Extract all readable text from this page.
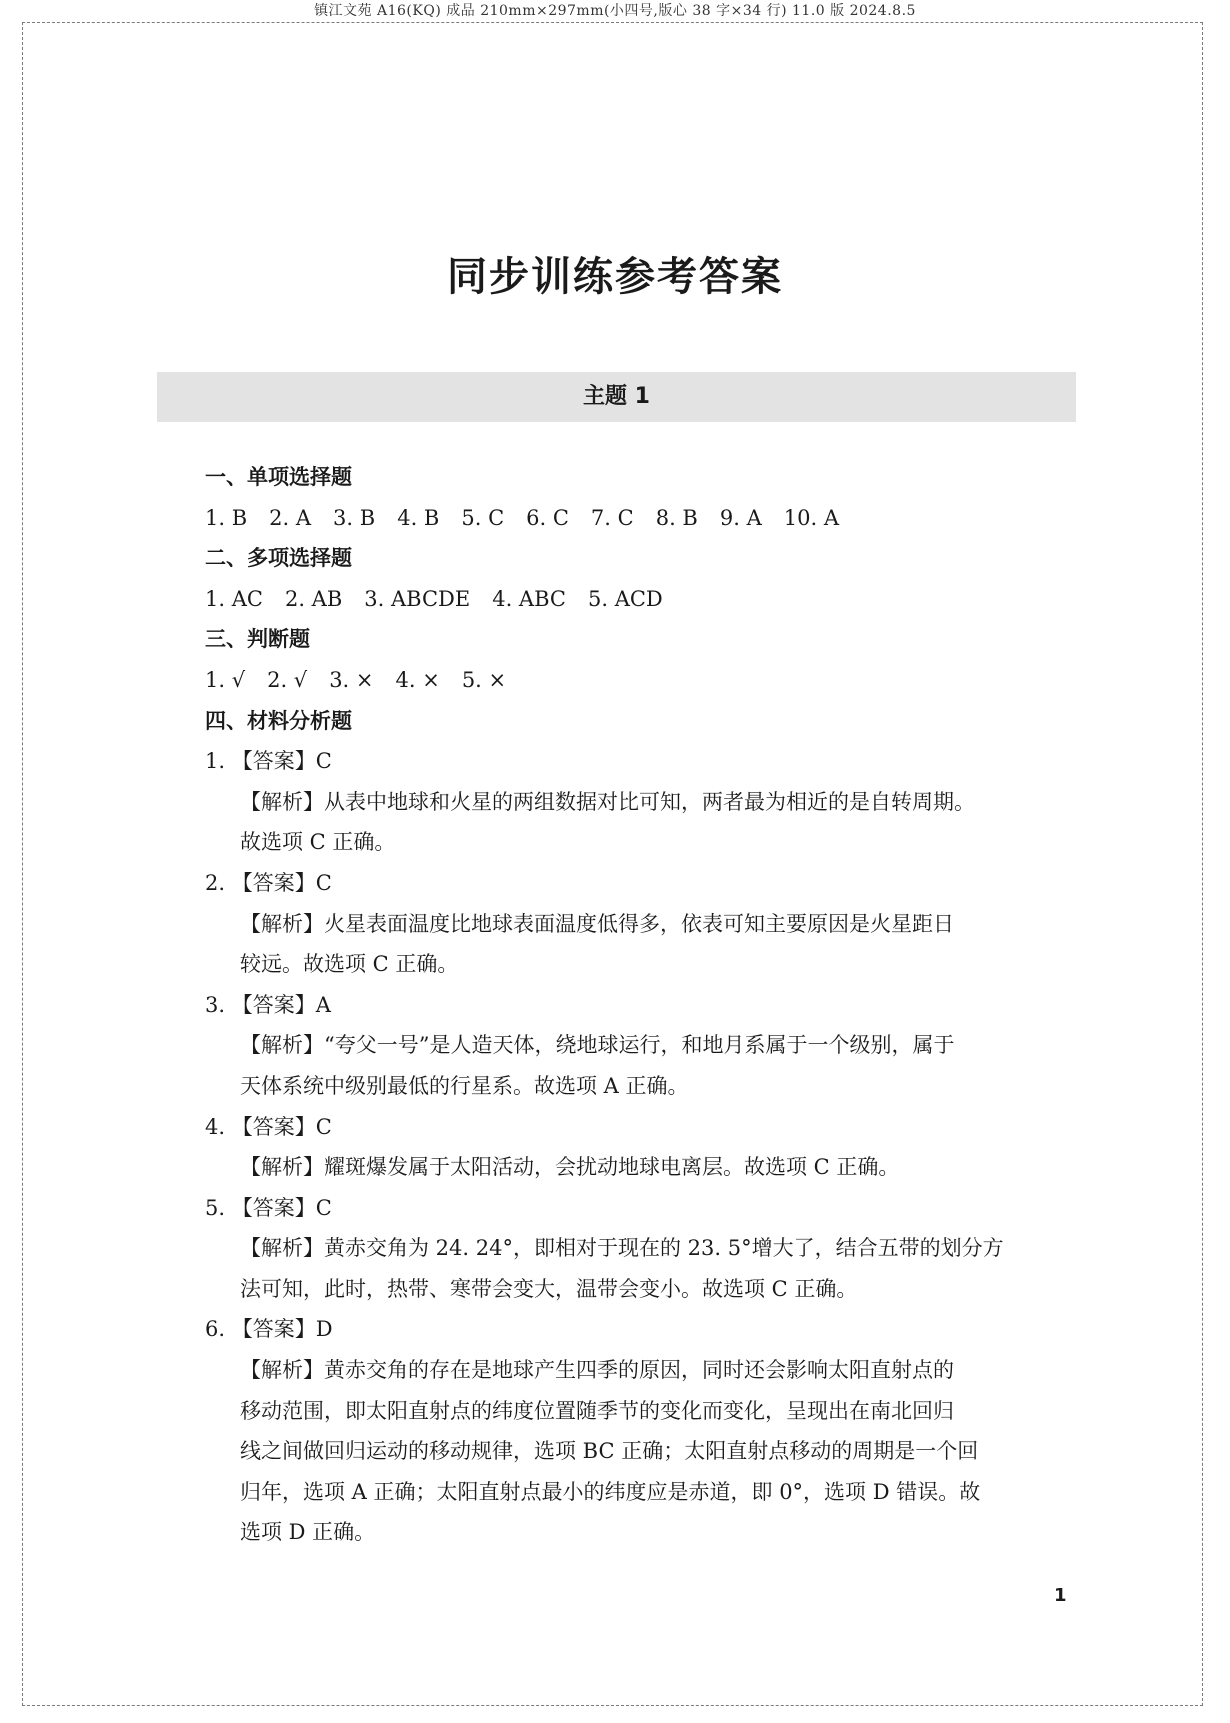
镇江文苑 A16(KQ) 成品 210mm×297mm(小四号,版心 38 字×34 行) 11.0 版 2024.8.5
同步训练参考答案
主题 1
一、单项选择题
1. B 2. A 3. B 4. B 5. C 6. C 7. C 8. B 9. A 10. A
二、多项选择题
1. AC 2. AB 3. ABCDE 4. ABC 5. ACD
三、判断题
1. √ 2. √ 3. × 4. × 5. ×
四、材料分析题
1. 【答案】C
【解析】从表中地球和火星的两组数据对比可知，两者最为相近的是自转周期。
故选项 C 正确。
2. 【答案】C
【解析】火星表面温度比地球表面温度低得多，依表可知主要原因是火星距日
较远。故选项 C 正确。
3. 【答案】A
【解析】“夸父一号”是人造天体，绕地球运行，和地月系属于一个级别，属于
天体系统中级别最低的行星系。故选项 A 正确。
4. 【答案】C
【解析】耀斑爆发属于太阳活动，会扰动地球电离层。故选项 C 正确。
5. 【答案】C
【解析】黄赤交角为 24. 24°，即相对于现在的 23. 5°增大了，结合五带的划分方
法可知，此时，热带、寒带会变大，温带会变小。故选项 C 正确。
6. 【答案】D
【解析】黄赤交角的存在是地球产生四季的原因，同时还会影响太阳直射点的
移动范围，即太阳直射点的纬度位置随季节的变化而变化，呈现出在南北回归
线之间做回归运动的移动规律，选项 BC 正确；太阳直射点移动的周期是一个回
归年，选项 A 正确；太阳直射点最小的纬度应是赤道，即 0°，选项 D 错误。故
选项 D 正确。
1
